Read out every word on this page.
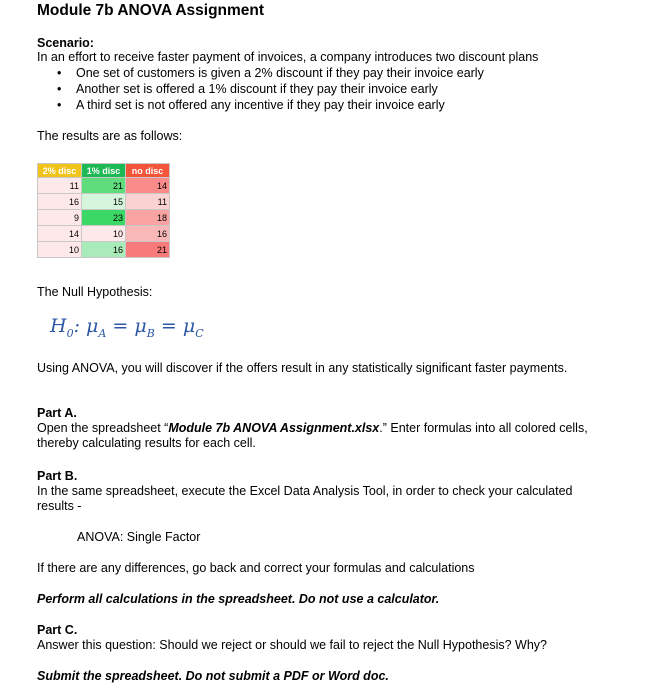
Module 7b ANOVA Assignment
Scenario:
In an effort to receive faster payment of invoices, a company introduces two discount plans
• One set of customers is given a 2% discount if they pay their invoice early
• Another set is offered a 1% discount if they pay their invoice early
• A third set is not offered any incentive if they pay their invoice early
The results are as follows:
2% disc	1% disc	no disc
11	21	14
16	15	11
9	23	18
14	10	16
10	16	21
The Null Hypothesis:
$H_0$: $\mu_A = \mu_B = \mu_C$
Using ANOVA, you will discover if the offers result in any statistically significant faster payments.
Part A.
Open the spreadsheet “Module 7b ANOVA Assignment.xlsx.” Enter formulas into all colored cells,
thereby calculating results for each cell.
Part B.
In the same spreadsheet, execute the Excel Data Analysis Tool, in order to check your calculated
results -
ANOVA: Single Factor
If there are any differences, go back and correct your formulas and calculations
Perform all calculations in the spreadsheet. Do not use a calculator.
Part C.
Answer this question: Should we reject or should we fail to reject the Null Hypothesis? Why?
Submit the spreadsheet. Do not submit a PDF or Word doc.
